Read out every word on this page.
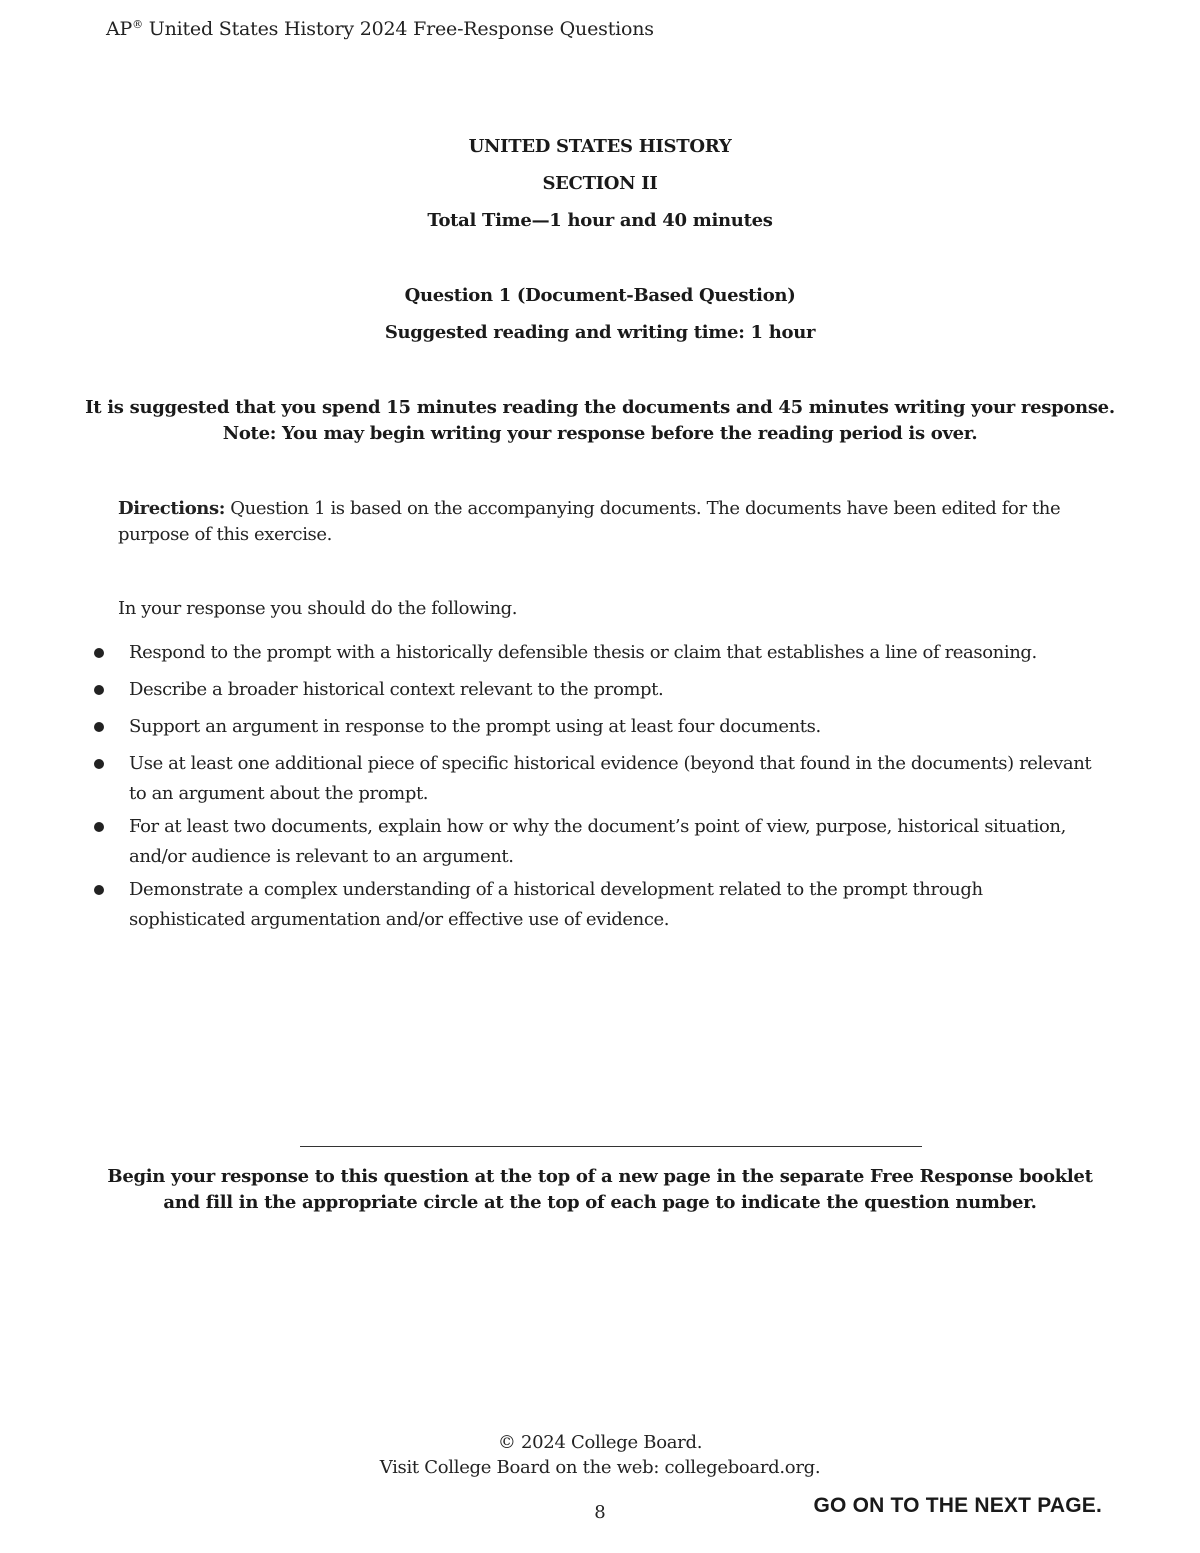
AP® United States History 2024 Free-Response Questions
UNITED STATES HISTORY
SECTION II
Total Time—1 hour and 40 minutes
Question 1 (Document-Based Question)
Suggested reading and writing time: 1 hour
It is suggested that you spend 15 minutes reading the documents and 45 minutes writing your response.
Note: You may begin writing your response before the reading period is over.
Directions: Question 1 is based on the accompanying documents. The documents have been edited for the purpose of this exercise.
In your response you should do the following.
Respond to the prompt with a historically defensible thesis or claim that establishes a line of reasoning.
Describe a broader historical context relevant to the prompt.
Support an argument in response to the prompt using at least four documents.
Use at least one additional piece of specific historical evidence (beyond that found in the documents) relevant to an argument about the prompt.
For at least two documents, explain how or why the document’s point of view, purpose, historical situation, and/or audience is relevant to an argument.
Demonstrate a complex understanding of a historical development related to the prompt through sophisticated argumentation and/or effective use of evidence.
Begin your response to this question at the top of a new page in the separate Free Response booklet
and fill in the appropriate circle at the top of each page to indicate the question number.
© 2024 College Board.
Visit College Board on the web: collegeboard.org.
8	GO ON TO THE NEXT PAGE.
